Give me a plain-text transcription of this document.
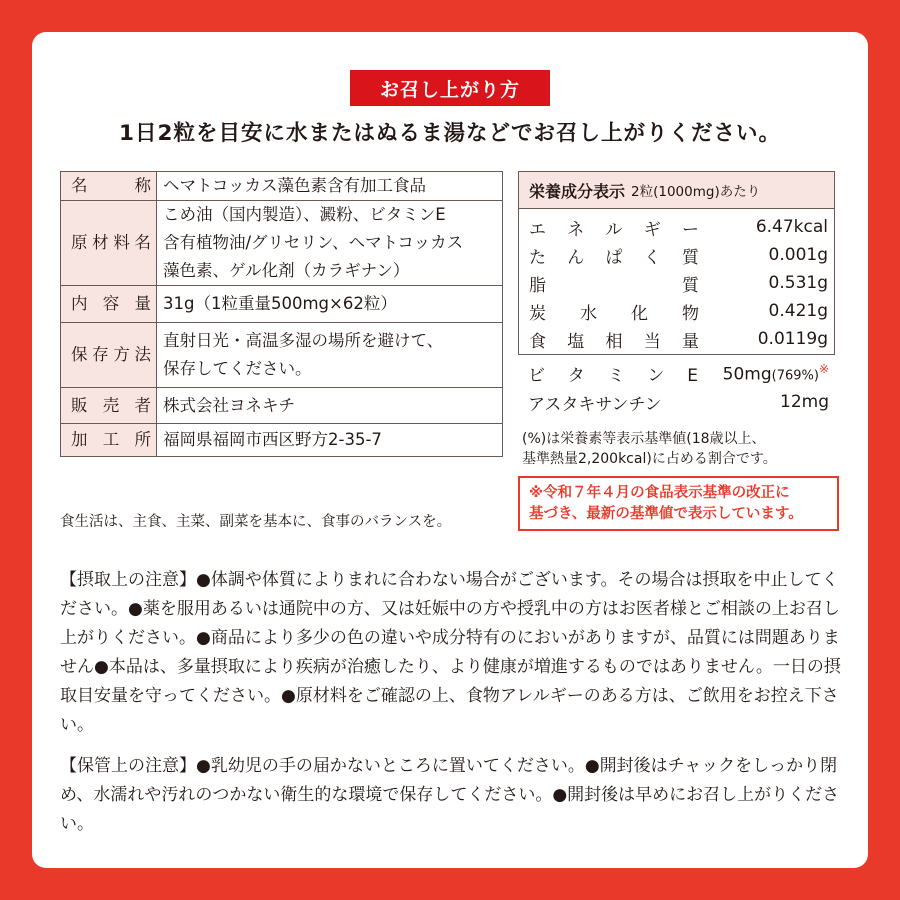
お召し上がり方
1日2粒を目安に水またはぬるま湯などでお召し上がりください。
名称	ヘマトコッカス藻色素含有加工食品
原材料名	こめ油（国内製造）、澱粉、ビタミンE
含有植物油/グリセリン、ヘマトコッカス
藻色素、ゲル化剤（カラギナン）

内容量	31g（1粒重量500mg×62粒）
保存方法	直射日光・高温多湿の場所を避けて、
保存してください。

販売者	株式会社ヨネキチ
加工所	福岡県福岡市西区野方2-35-7
食生活は、主食、主菜、副菜を基本に、食事のバランスを。
栄養成分表示 2粒(1000mg)あたり
エネルギー	6.47kcal
たんぱく質	0.001g
脂質	0.531g
炭水化物	0.421g
食塩相当量	0.0119g
ビタミンE 50mg(769%)※
アスタキサンチン	12mg
(%)は栄養素等表示基準値(18歳以上、
基準熱量2,200kcal)に占める割合です。
※令和７年４月の食品表示基準の改正に
基づき、最新の基準値で表示しています。

【摂取上の注意】●体調や体質によりまれに合わない場合がございます。その場合は摂取を中止してください。●薬を服用あるいは通院中の方、又は妊娠中の方や授乳中の方はお医者様とご相談の上お召し上がりください。●商品により多少の色の違いや成分特有のにおいがありますが、品質には問題ありません●本品は、多量摂取により疾病が治癒したり、より健康が増進するものではありません。一日の摂取目安量を守ってください。●原材料をご確認の上、食物アレルギーのある方は、ご飲用をお控え下さい。

【保管上の注意】●乳幼児の手の届かないところに置いてください。●開封後はチャックをしっかり閉め、水濡れや汚れのつかない衛生的な環境で保存してください。●開封後は早めにお召し上がりください。
